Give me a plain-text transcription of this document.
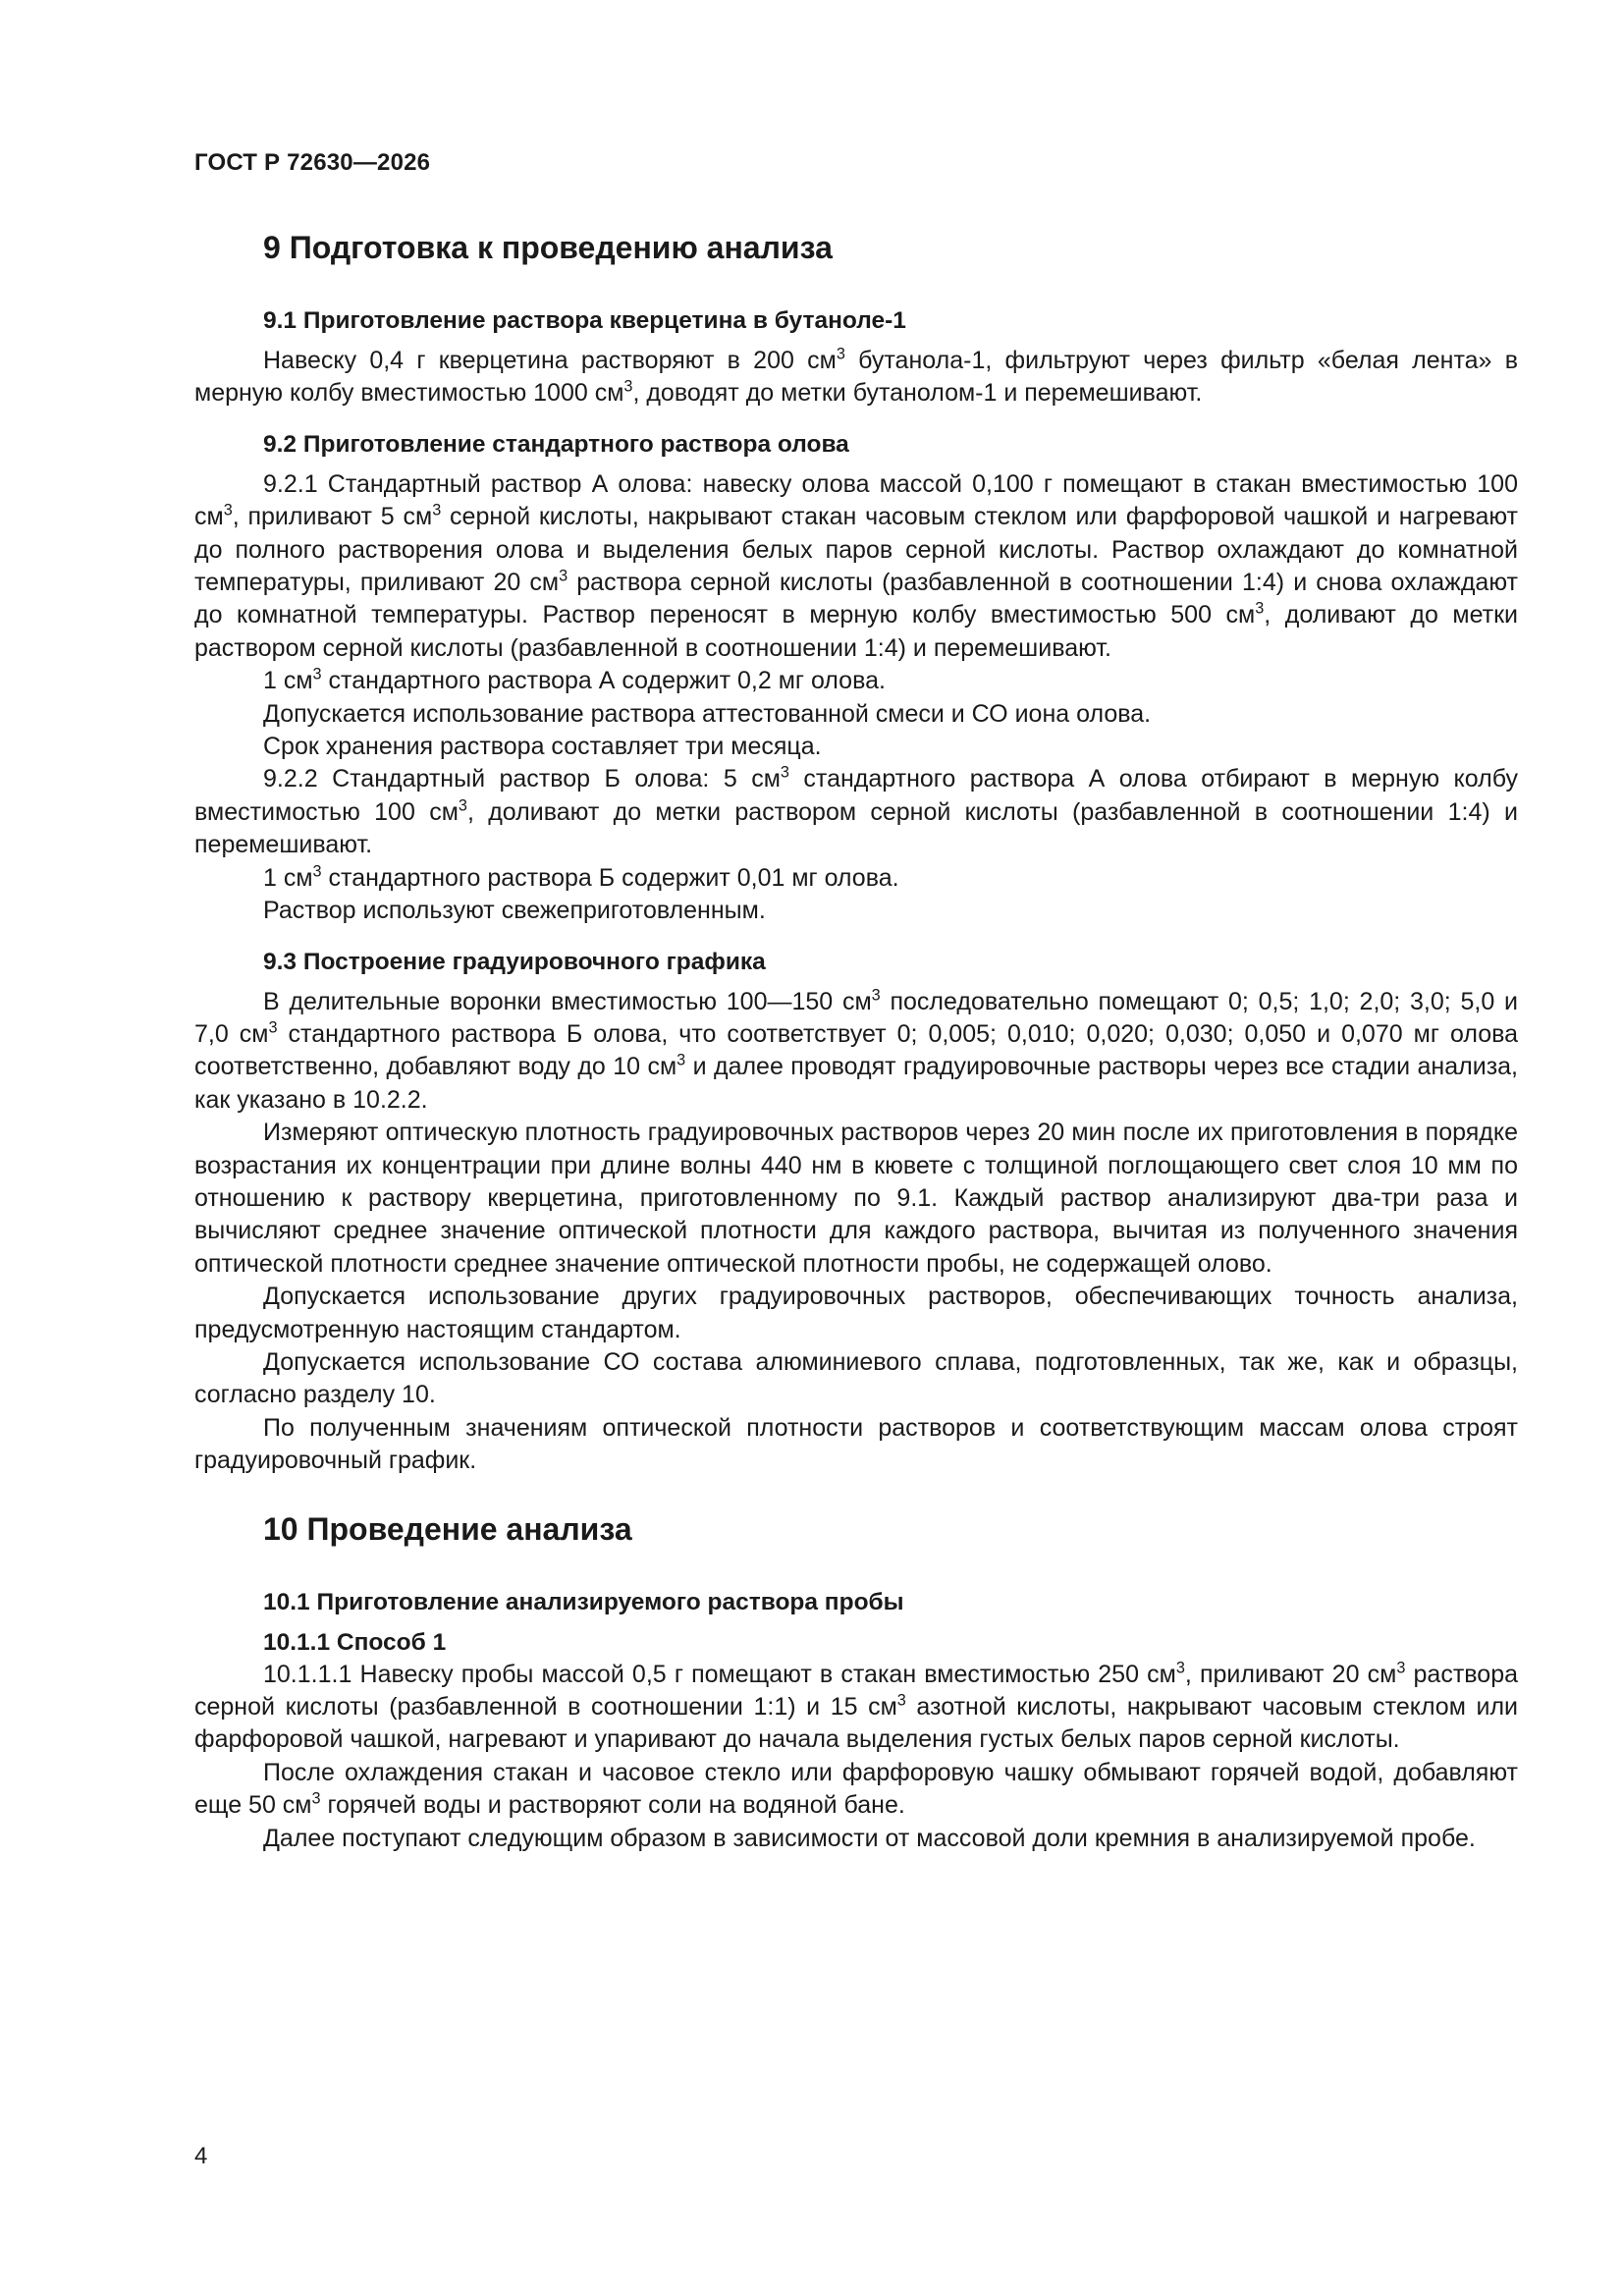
ГОСТ Р 72630—2026
9 Подготовка к проведению анализа
9.1 Приготовление раствора кверцетина в бутаноле-1

Навеску 0,4 г кверцетина растворяют в 200 $см^3$ бутанола-1, фильтруют через фильтр «белая лента» в мерную колбу вместимостью 1000 $см^3$, доводят до метки бутанолом-1 и перемешивают.

9.2 Приготовление стандартного раствора олова

9.2.1 Стандартный раствор А олова: навеску олова массой 0,100 г помещают в стакан вместимостью 100 $см^3$, приливают 5 $см^3$ серной кислоты, накрывают стакан часовым стеклом или фарфоровой чашкой и нагревают до полного растворения олова и выделения белых паров серной кислоты. Раствор охлаждают до комнатной температуры, приливают 20 $см^3$ раствора серной кислоты (разбавленной в соотношении 1:4) и снова охлаждают до комнатной температуры. Раствор переносят в мерную колбу вместимостью 500 $см^3$, доливают до метки раствором серной кислоты (разбавленной в соотношении 1:4) и перемешивают.

1 $см^3$ стандартного раствора А содержит 0,2 мг олова.

Допускается использование раствора аттестованной смеси и СО иона олова.

Срок хранения раствора составляет три месяца.

9.2.2 Стандартный раствор Б олова: 5 $см^3$ стандартного раствора А олова отбирают в мерную колбу вместимостью 100 $см^3$, доливают до метки раствором серной кислоты (разбавленной в соотношении 1:4) и перемешивают.

1 $см^3$ стандартного раствора Б содержит 0,01 мг олова.

Раствор используют свежеприготовленным.

9.3 Построение градуировочного графика

В делительные воронки вместимостью 100—150 $см^3$ последовательно помещают 0; 0,5; 1,0; 2,0; 3,0; 5,0 и 7,0 $см^3$ стандартного раствора Б олова, что соответствует 0; 0,005; 0,010; 0,020; 0,030; 0,050 и 0,070 мг олова соответственно, добавляют воду до 10 $см^3$ и далее проводят градуировочные растворы через все стадии анализа, как указано в 10.2.2.

Измеряют оптическую плотность градуировочных растворов через 20 мин после их приготовления в порядке возрастания их концентрации при длине волны 440 нм в кювете с толщиной поглощающего свет слоя 10 мм по отношению к раствору кверцетина, приготовленному по 9.1. Каждый раствор анализируют два-три раза и вычисляют среднее значение оптической плотности для каждого раствора, вычитая из полученного значения оптической плотности среднее значение оптической плотности пробы, не содержащей олово.

Допускается использование других градуировочных растворов, обеспечивающих точность анализа, предусмотренную настоящим стандартом.

Допускается использование СО состава алюминиевого сплава, подготовленных, так же, как и образцы, согласно разделу 10.

По полученным значениям оптической плотности растворов и соответствующим массам олова строят градуировочный график.

10 Проведение анализа
10.1 Приготовление анализируемого раствора пробы
10.1.1 Способ 1

10.1.1.1 Навеску пробы массой 0,5 г помещают в стакан вместимостью 250 $см^3$, приливают 20 $см^3$ раствора серной кислоты (разбавленной в соотношении 1:1) и 15 $см^3$ азотной кислоты, накрывают часовым стеклом или фарфоровой чашкой, нагревают и упаривают до начала выделения густых белых паров серной кислоты.

После охлаждения стакан и часовое стекло или фарфоровую чашку обмывают горячей водой, добавляют еще 50 $см^3$ горячей воды и растворяют соли на водяной бане.

Далее поступают следующим образом в зависимости от массовой доли кремния в анализируемой пробе.

4
